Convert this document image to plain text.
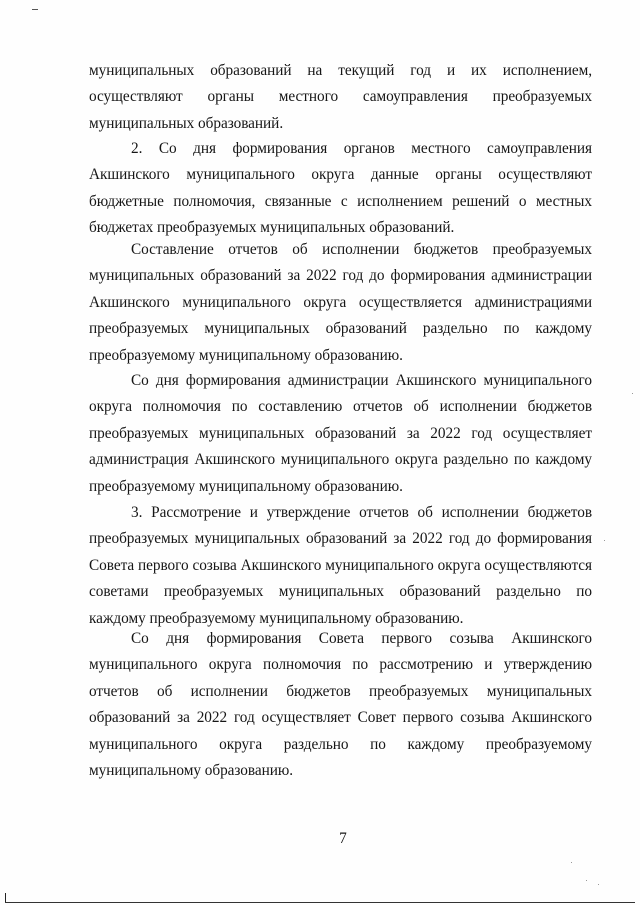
муниципальных образований на текущий год и их исполнением, осуществляют органы местного самоуправления преобразуемых муниципальных образований.

2. Со дня формирования органов местного самоуправления Акшинского муниципального округа данные органы осуществляют бюджетные полномочия, связанные с исполнением решений о местных бюджетах преобразуемых муниципальных образований.

Составление отчетов об исполнении бюджетов преобразуемых муниципальных образований за 2022 год до формирования администрации Акшинского муниципального округа осуществляется администрациями преобразуемых муниципальных образований раздельно по каждому преобразуемому муниципальному образованию.

Со дня формирования администрации Акшинского муниципального округа полномочия по составлению отчетов об исполнении бюджетов преобразуемых муниципальных образований за 2022 год осуществляет администрация Акшинского муниципального округа раздельно по каждому преобразуемому муниципальному образованию.

3. Рассмотрение и утверждение отчетов об исполнении бюджетов преобразуемых муниципальных образований за 2022 год до формирования Совета первого созыва Акшинского муниципального округа осуществляются советами преобразуемых муниципальных образований раздельно по каждому преобразуемому муниципальному образованию.

Со дня формирования Совета первого созыва Акшинского муниципального округа полномочия по рассмотрению и утверждению отчетов об исполнении бюджетов преобразуемых муниципальных образований за 2022 год осуществляет Совет первого созыва Акшинского муниципального округа раздельно по каждому преобразуемому муниципальному образованию.

7
